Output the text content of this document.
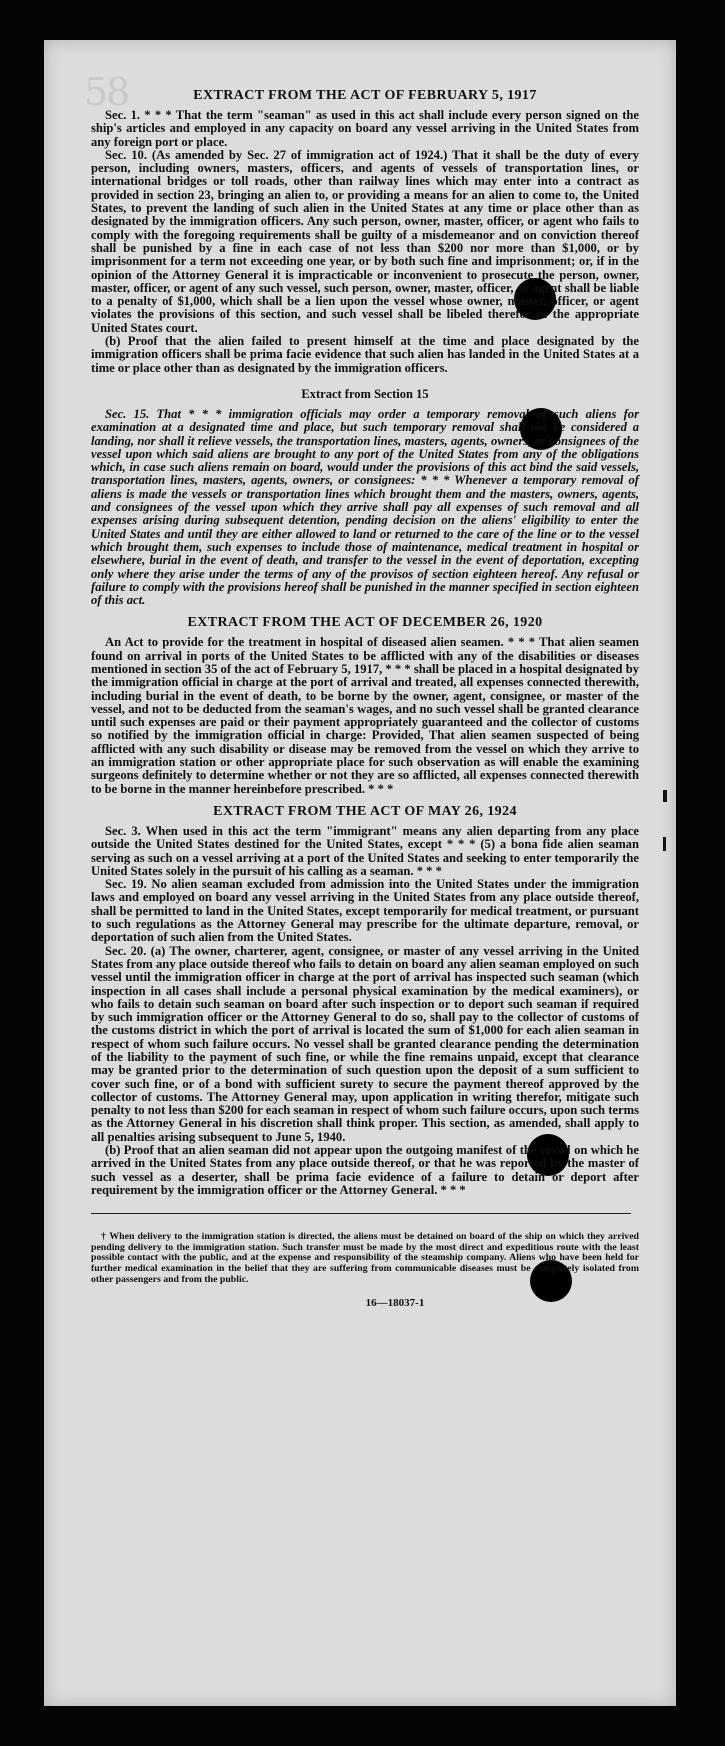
58	EXTRACT FROM THE ACT OF FEBRUARY 5, 1917

Sec. 1. * * * That the term "seaman" as used in this act shall include every person signed on the ship's articles and employed in any capacity on board any vessel arriving in the United States from any foreign port or place.

Sec. 10. (As amended by Sec. 27 of immigration act of 1924.) That it shall be the duty of every person, including owners, masters, officers, and agents of vessels of transportation lines, or international bridges or toll roads, other than railway lines which may enter into a contract as provided in section 23, bringing an alien to, or providing a means for an alien to come to, the United States, to prevent the landing of such alien in the United States at any time or place other than as designated by the immigration officers. Any such person, owner, master, officer, or agent who fails to comply with the foregoing requirements shall be guilty of a misdemeanor and on conviction thereof shall be punished by a fine in each case of not less than $200 nor more than $1,000, or by imprisonment for a term not exceeding one year, or by both such fine and imprisonment; or, if in the opinion of the Attorney General it is impracticable or inconvenient to prosecute the person, owner, master, officer, or agent of any such vessel, such person, owner, master, officer, or agent shall be liable to a penalty of $1,000, which shall be a lien upon the vessel whose owner, master, officer, or agent violates the provisions of this section, and such vessel shall be libeled therefor in the appropriate United States court.

(b) Proof that the alien failed to present himself at the time and place designated by the immigration officers shall be prima facie evidence that such alien has landed in the United States at a time or place other than as designated by the immigration officers.

Extract from Section 15

Sec. 15. That * * * immigration officials may order a temporary removal of such aliens for examination at a designated time and place, but such temporary removal shall not be considered a landing, nor shall it relieve vessels, the transportation lines, masters, agents, owners, or consignees of the vessel upon which said aliens are brought to any port of the United States from any of the obligations which, in case such aliens remain on board, would under the provisions of this act bind the said vessels, transportation lines, masters, agents, owners, or consignees: * * * Whenever a temporary removal of aliens is made the vessels or transportation lines which brought them and the masters, owners, agents, and consignees of the vessel upon which they arrive shall pay all expenses of such removal and all expenses arising during subsequent detention, pending decision on the aliens' eligibility to enter the United States and until they are either allowed to land or returned to the care of the line or to the vessel which brought them, such expenses to include those of maintenance, medical treatment in hospital or elsewhere, burial in the event of death, and transfer to the vessel in the event of deportation, excepting only where they arise under the terms of any of the provisos of section eighteen hereof. Any refusal or failure to comply with the provisions hereof shall be punished in the manner specified in section eighteen of this act.

EXTRACT FROM THE ACT OF DECEMBER 26, 1920

An Act to provide for the treatment in hospital of diseased alien seamen. * * * That alien seamen found on arrival in ports of the United States to be afflicted with any of the disabilities or diseases mentioned in section 35 of the act of February 5, 1917, * * * shall be placed in a hospital designated by the immigration official in charge at the port of arrival and treated, all expenses connected therewith, including burial in the event of death, to be borne by the owner, agent, consignee, or master of the vessel, and not to be deducted from the seaman's wages, and no such vessel shall be granted clearance until such expenses are paid or their payment appropriately guaranteed and the collector of customs so notified by the immigration official in charge: Provided, That alien seamen suspected of being afflicted with any such disability or disease may be removed from the vessel on which they arrive to an immigration station or other appropriate place for such observation as will enable the examining surgeons definitely to determine whether or not they are so afflicted, all expenses connected therewith to be borne in the manner hereinbefore prescribed. * * *

EXTRACT FROM THE ACT OF MAY 26, 1924

Sec. 3. When used in this act the term "immigrant" means any alien departing from any place outside the United States destined for the United States, except * * * (5) a bona fide alien seaman serving as such on a vessel arriving at a port of the United States and seeking to enter temporarily the United States solely in the pursuit of his calling as a seaman. * * *

Sec. 19. No alien seaman excluded from admission into the United States under the immigration laws and employed on board any vessel arriving in the United States from any place outside thereof, shall be permitted to land in the United States, except temporarily for medical treatment, or pursuant to such regulations as the Attorney General may prescribe for the ultimate departure, removal, or deportation of such alien from the United States.

Sec. 20. (a) The owner, charterer, agent, consignee, or master of any vessel arriving in the United States from any place outside thereof who fails to detain on board any alien seaman employed on such vessel until the immigration officer in charge at the port of arrival has inspected such seaman (which inspection in all cases shall include a personal physical examination by the medical examiners), or who fails to detain such seaman on board after such inspection or to deport such seaman if required by such immigration officer or the Attorney General to do so, shall pay to the collector of customs of the customs district in which the port of arrival is located the sum of $1,000 for each alien seaman in respect of whom such failure occurs. No vessel shall be granted clearance pending the determination of the liability to the payment of such fine, or while the fine remains unpaid, except that clearance may be granted prior to the determination of such question upon the deposit of a sum sufficient to cover such fine, or of a bond with sufficient surety to secure the payment thereof approved by the collector of customs. The Attorney General may, upon application in writing therefor, mitigate such penalty to not less than $200 for each seaman in respect of whom such failure occurs, upon such terms as the Attorney General in his discretion shall think proper. This section, as amended, shall apply to all penalties arising subsequent to June 5, 1940.

(b) Proof that an alien seaman did not appear upon the outgoing manifest of the vessel on which he arrived in the United States from any place outside thereof, or that he was reported by the master of such vessel as a deserter, shall be prima facie evidence of a failure to detain or deport after requirement by the immigration officer or the Attorney General. * * *

† When delivery to the immigration station is directed, the aliens must be detained on board of the ship on which they arrived pending delivery to the immigration station. Such transfer must be made by the most direct and expeditious route with the least possible contact with the public, and at the expense and responsibility of the steamship company. Aliens who have been held for further medical examination in the belief that they are suffering from communicable diseases must be completely isolated from other passengers and from the public.

16—18037-1
